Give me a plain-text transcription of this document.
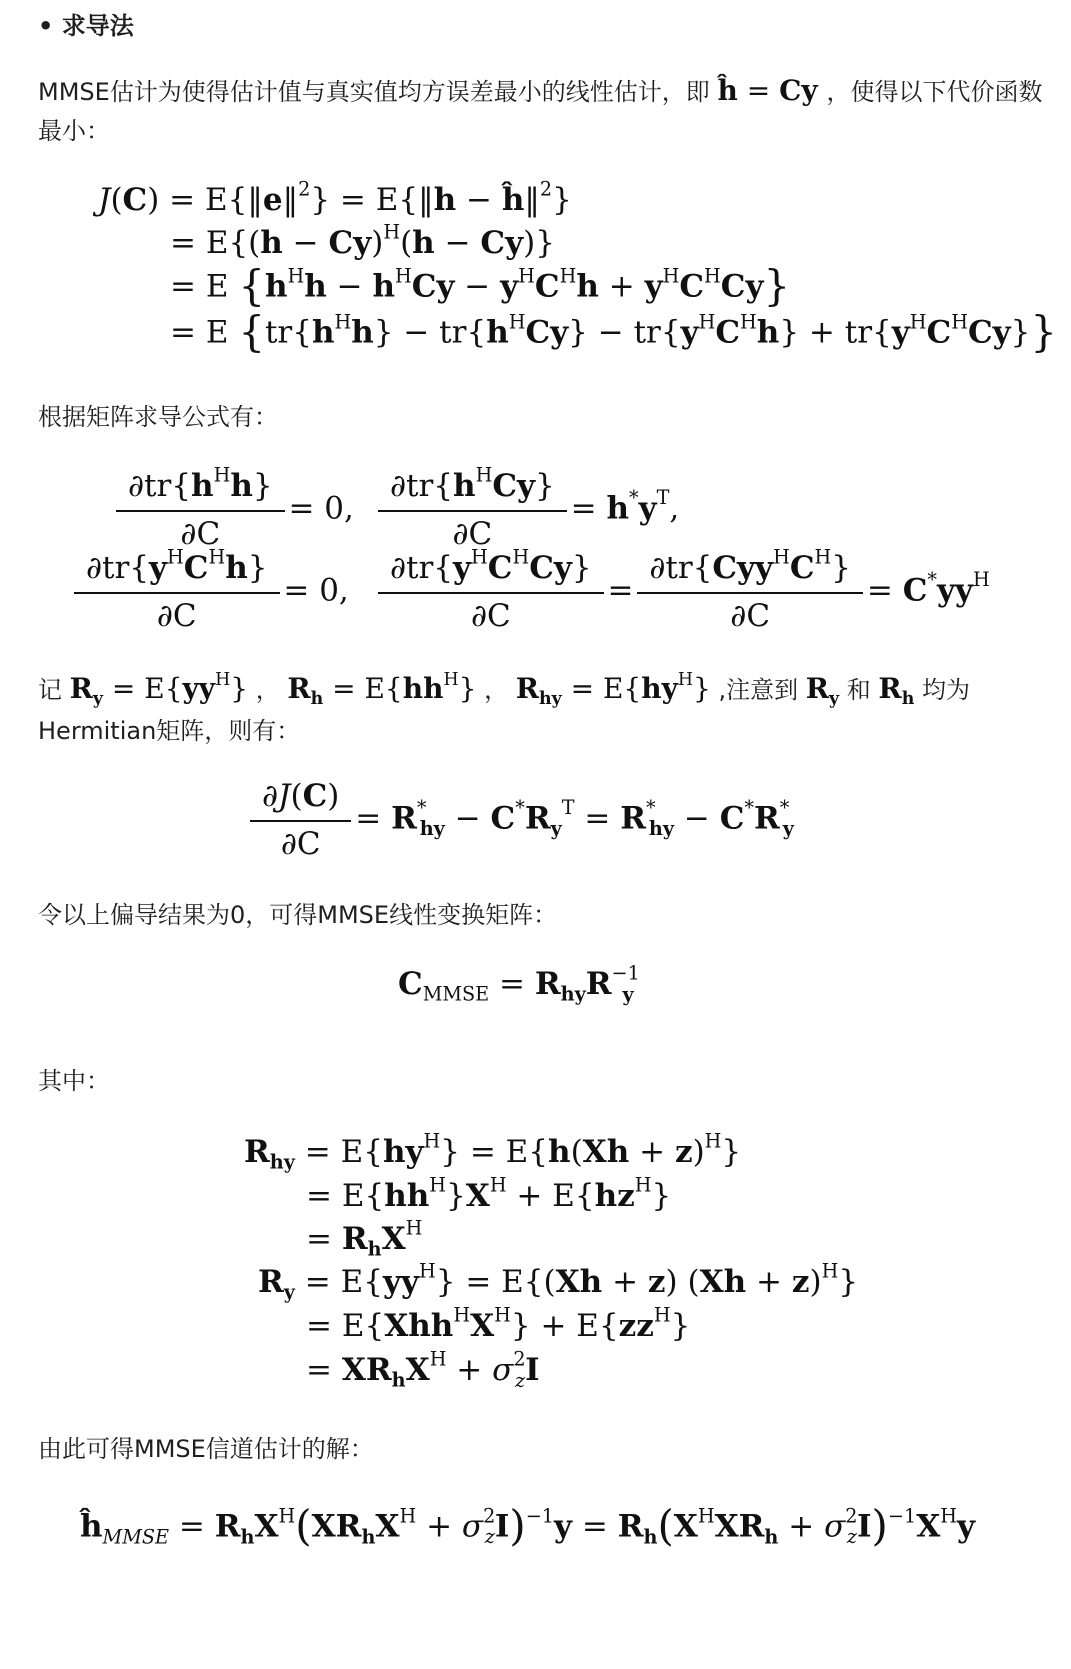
• 求导法
MMSE估计为使得估计值与真实值均方误差最小的线性估计，即 ĥ = Cy ，使得以下代价函数
最小：
J(C) = E{‖e‖$^2$} = E{‖h − ĥ‖$^2$}
= $E\{(h - Cy)^H(h - Cy)\}$
= E $\{h^Hh - h^HCy - y^HC^Hh + y^HC^HCy\}$
= E $\{tr\{h^Hh\} - tr\{h^HCy\} - tr\{y^HC^Hh\} + tr\{y^HC^HCy\}\}$
根据矩阵求导公式有：
$\frac{\partial tr\{h^Hh\}}{\partial C} = 0$, $\frac{\partial tr\{h^HCy\}}{\partial C} = h^*y^T$,
$\frac{\partial tr\{y^HC^Hh\}}{\partial C} = 0$, $\frac{\partial tr\{y^HC^HCy\}}{\partial C} = \frac{\partial tr\{Cyy^HC^H\}}{\partial C} = C^*yy^H$
记 $R_y = E\{yy^H\}$ ， $R_h = E\{hh^H\}$ ， $R_{hy} = E\{hy^H\}$ ,注意到 $R_y$ 和 $R_h$ 均为
Hermitian矩阵，则有：
$\frac{\partial J(C)}{\partial C} = R^*_{hy} - C^*R_y^T = R^*_{hy} - C^*R^*_y$
令以上偏导结果为0，可得MMSE线性变换矩阵：
$C_{MMSE} = R_{hy}R^{-1}_y$
其中：
$R_{hy} = E\{hy^H\} = E\{h(Xh + z)^H\}$
= $E\{hh^H\}X^H + E\{hz^H\}$
= $R_hX^H$
$R_y = E\{yy^H\} = E\{(Xh + z) (Xh + z)^H\}$
= $E\{Xhh^HX^H\} + E\{zz^H\}$
= $XR_hX^H + \sigma^2_zI$
由此可得MMSE信道估计的解：
$ĥ_{MMSE} = R_hX^H(XR_hX^H + \sigma^2_zI)^{-1}y = R_h(X^HXR_h + \sigma^2_zI)^{-1}X^Hy$
